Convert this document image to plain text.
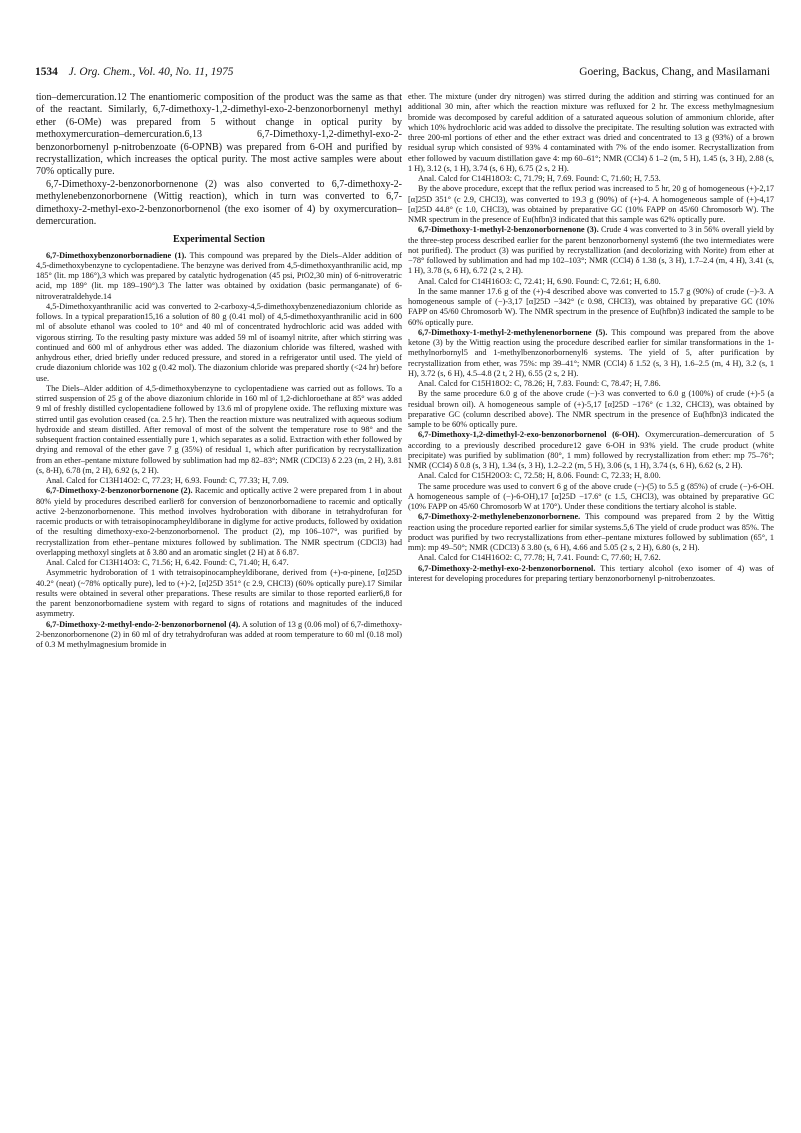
1534 J. Org. Chem., Vol. 40, No. 11, 1975	Goering, Backus, Chang, and Masilamani

tion–demercuration.12 The enantiomeric composition of the product was the same as that of the reactant. Similarly, 6,7-dimethoxy-1,2-dimethyl-exo-2-benzonorbornenyl methyl ether (6-OMe) was prepared from 5 without change in optical purity by methoxymercuration–demercuration.6,13 6,7-Dimethoxy-1,2-dimethyl-exo-2-benzonorbornenyl p-nitrobenzoate (6-OPNB) was prepared from 6-OH and purified by recrystallization, which increases the optical purity. The most active samples were about 70% optically pure.

6,7-Dimethoxy-2-benzonorbornenone (2) was also converted to 6,7-dimethoxy-2-methylenebenzonorbornene (Wittig reaction), which in turn was converted to 6,7-dimethoxy-2-methyl-exo-2-benzonorbornenol (the exo isomer of 4) by oxymercuration–demercuration.

Experimental Section

6,7-Dimethoxybenzonorbornadiene (1). This compound was prepared by the Diels–Alder addition of 4,5-dimethoxybenzyne to cyclopentadiene. The benzyne was derived from 4,5-dimethoxyanthranilic acid, mp 185° (lit. mp 186°),3 which was prepared by catalytic hydrogenation (45 psi, PtO2,30 min) of 6-nitroveratric acid, mp 189° (lit. mp 189–190°).3 The latter was obtained by oxidation (basic permanganate) of 6-nitroveratraldehyde.14

4,5-Dimethoxyanthranilic acid was converted to 2-carboxy-4,5-dimethoxybenzenediazonium chloride as follows. In a typical preparation15,16 a solution of 80 g (0.41 mol) of 4,5-dimethoxyanthranilic acid in 600 ml of absolute ethanol was cooled to 10° and 40 ml of concentrated hydrochloric acid was added with vigorous stirring. To the resulting pasty mixture was added 59 ml of isoamyl nitrite, after which stirring was continued and 600 ml of anhydrous ether was added. The diazonium chloride was filtered, washed with anhydrous ether, dried briefly under reduced pressure, and stored in a refrigerator until used. The yield of crude diazonium chloride was 102 g (0.42 mol). The diazonium chloride was prepared shortly (<24 hr) before use.

The Diels–Alder addition of 4,5-dimethoxybenzyne to cyclopentadiene was carried out as follows. To a stirred suspension of 25 g of the above diazonium chloride in 160 ml of 1,2-dichloroethane at 85° was added 9 ml of freshly distilled cyclopentadiene followed by 13.6 ml of propylene oxide. The refluxing mixture was stirred until gas evolution ceased (ca. 2.5 hr). Then the reaction mixture was neutralized with aqueous sodium hydroxide and steam distilled. After removal of most of the solvent the temperature rose to 98° and the subsequent fraction contained essentially pure 1, which separates as a solid. Extraction with ether followed by drying and removal of the ether gave 7 g (35%) of residual 1, which after purification by recrystallization from an ether–pentane mixture followed by sublimation had mp 82–83°; NMR (CDCl3) δ 2.23 (m, 2 H), 3.81 (s, 8-H), 6.78 (m, 2 H), 6.92 (s, 2 H).

Anal. Calcd for C13H14O2: C, 77.23; H, 6.93. Found: C, 77.33; H, 7.09.

6,7-Dimethoxy-2-benzonorbornenone (2). Racemic and optically active 2 were prepared from 1 in about 80% yield by procedures described earlier8 for conversion of benzonorbornadiene to racemic and optically active 2-benzonorbornenone. This method involves hydroboration with diborane in tetrahydrofuran for racemic products or with tetraisopinocampheyldiborane in diglyme for active products, followed by oxidation of the resulting dimethoxy-exo-2-benzonorbornenol. The product (2), mp 106–107°, was purified by recrystallization from ether–pentane mixtures followed by sublimation. The NMR spectrum (CDCl3) had overlapping methoxyl singlets at δ 3.80 and an aromatic singlet (2 H) at δ 6.87.

Anal. Calcd for C13H14O3: C, 71.56; H, 6.42. Found: C, 71.40; H, 6.47.

Asymmetric hydroboration of 1 with tetraisopinocampheyldiborane, derived from (+)-α-pinene, [α]25D 40.2° (neat) (~78% optically pure), led to (+)-2, [α]25D 351° (c 2.9, CHCl3) (60% optically pure).17 Similar results were obtained in several other preparations. These results are similar to those reported earlier6,8 for the parent benzonorbornadiene system with regard to signs of rotations and magnitudes of the induced asymmetry.

6,7-Dimethoxy-2-methyl-endo-2-benzonorbornenol (4). A solution of 13 g (0.06 mol) of 6,7-dimethoxy-2-benzonorbornenone (2) in 60 ml of dry tetrahydrofuran was added at room temperature to 60 ml (0.18 mol) of 0.3 M methylmagnesium bromide in

ether. The mixture (under dry nitrogen) was stirred during the addition and stirring was continued for an additional 30 min, after which the reaction mixture was refluxed for 2 hr. The excess methylmagnesium bromide was decomposed by careful addition of a saturated aqueous solution of ammonium chloride, after which 10% hydrochloric acid was added to dissolve the precipitate. The resulting solution was extracted with three 200-ml portions of ether and the ether extract was dried and concentrated to 13 g (93%) of a brown residual syrup which consisted of 93% 4 contaminated with 7% of the endo isomer. Recrystallization from ether followed by vacuum distillation gave 4: mp 60–61°; NMR (CCl4) δ 1–2 (m, 5 H), 1.45 (s, 3 H), 2.88 (s, 1 H), 3.12 (s, 1 H), 3.74 (s, 6 H), 6.75 (2 s, 2 H).

Anal. Calcd for C14H18O3: C, 71.79; H, 7.69. Found: C, 71.60; H, 7.53.

By the above procedure, except that the reflux period was increased to 5 hr, 20 g of homogeneous (+)-2,17 [α]25D 351° (c 2.9, CHCl3), was converted to 19.3 g (90%) of (+)-4. A homogeneous sample of (+)-4,17 [α]25D 44.8° (c 1.0, CHCl3), was obtained by preparative GC (10% FAPP on 45/60 Chromosorb W). The NMR spectrum in the presence of Eu(hfbn)3 indicated that this sample was 62% optically pure.

6,7-Dimethoxy-1-methyl-2-benzonorbornenone (3). Crude 4 was converted to 3 in 56% overall yield by the three-step process described earlier for the parent benzonorbornenyl system6 (the two intermediates were not purified). The product (3) was purified by recrystallization (and decolorizing with Norite) from ether at −78° followed by sublimation and had mp 102–103°; NMR (CCl4) δ 1.38 (s, 3 H), 1.7–2.4 (m, 4 H), 3.41 (s, 1 H), 3.78 (s, 6 H), 6.72 (2 s, 2 H).

Anal. Calcd for C14H16O3: C, 72.41; H, 6.90. Found: C, 72.61; H, 6.80.

In the same manner 17.6 g of the (+)-4 described above was converted to 15.7 g (90%) of crude (−)-3. A homogeneous sample of (−)-3,17 [α]25D −342° (c 0.98, CHCl3), was obtained by preparative GC (10% FAPP on 45/60 Chromosorb W). The NMR spectrum in the presence of Eu(hfbn)3 indicated the sample to be 60% optically pure.

6,7-Dimethoxy-1-methyl-2-methylenenorbornene (5). This compound was prepared from the above ketone (3) by the Wittig reaction using the procedure described earlier for similar transformations in the 1-methylnorbornyl5 and 1-methylbenzonorbornenyl6 systems. The yield of 5, after purification by recrystallization from ether, was 75%: mp 39–41°; NMR (CCl4) δ 1.52 (s, 3 H), 1.6–2.5 (m, 4 H), 3.2 (s, 1 H), 3.72 (s, 6 H), 4.5–4.8 (2 t, 2 H), 6.55 (2 s, 2 H).

Anal. Calcd for C15H18O2: C, 78.26; H, 7.83. Found: C, 78.47; H, 7.86.

By the same procedure 6.0 g of the above crude (−)-3 was converted to 6.0 g (100%) of crude (+)-5 (a residual brown oil). A homogeneous sample of (+)-5,17 [α]25D −176° (c 1.32, CHCl3), was obtained by preparative GC (column described above). The NMR spectrum in the presence of Eu(hfbn)3 indicated the sample to be 60% optically pure.

6,7-Dimethoxy-1,2-dimethyl-2-exo-benzonorbornenol (6-OH). Oxymercuration–demercuration of 5 according to a previously described procedure12 gave 6-OH in 93% yield. The crude product (white precipitate) was purified by sublimation (80°, 1 mm) followed by recrystallization from ether: mp 75–76°; NMR (CCl4) δ 0.8 (s, 3 H), 1.34 (s, 3 H), 1.2–2.2 (m, 5 H), 3.06 (s, 1 H), 3.74 (s, 6 H), 6.62 (s, 2 H).

Anal. Calcd for C15H20O3: C, 72.58; H, 8.06. Found: C, 72.33; H, 8.00.

The same procedure was used to convert 6 g of the above crude (−)-(5) to 5.5 g (85%) of crude (−)-6-OH. A homogeneous sample of (−)-6-OH),17 [α]25D −17.6° (c 1.5, CHCl3), was obtained by preparative GC (10% FAPP on 45/60 Chromosorb W at 170°). Under these conditions the tertiary alcohol is stable.

6,7-Dimethoxy-2-methylenebenzonorbornene. This compound was prepared from 2 by the Wittig reaction using the procedure reported earlier for similar systems.5,6 The yield of crude product was 85%. The product was purified by two recrystallizations from ether–pentane mixtures followed by sublimation (65°, 1 mm): mp 49–50°; NMR (CDCl3) δ 3.80 (s, 6 H), 4.66 and 5.05 (2 s, 2 H), 6.80 (s, 2 H).

Anal. Calcd for C14H16O2: C, 77.78; H, 7.41. Found: C, 77.60; H, 7.62.

6,7-Dimethoxy-2-methyl-exo-2-benzonorbornenol. This tertiary alcohol (exo isomer of 4) was of interest for developing procedures for preparing tertiary benzonorbornenyl p-nitrobenzoates.
